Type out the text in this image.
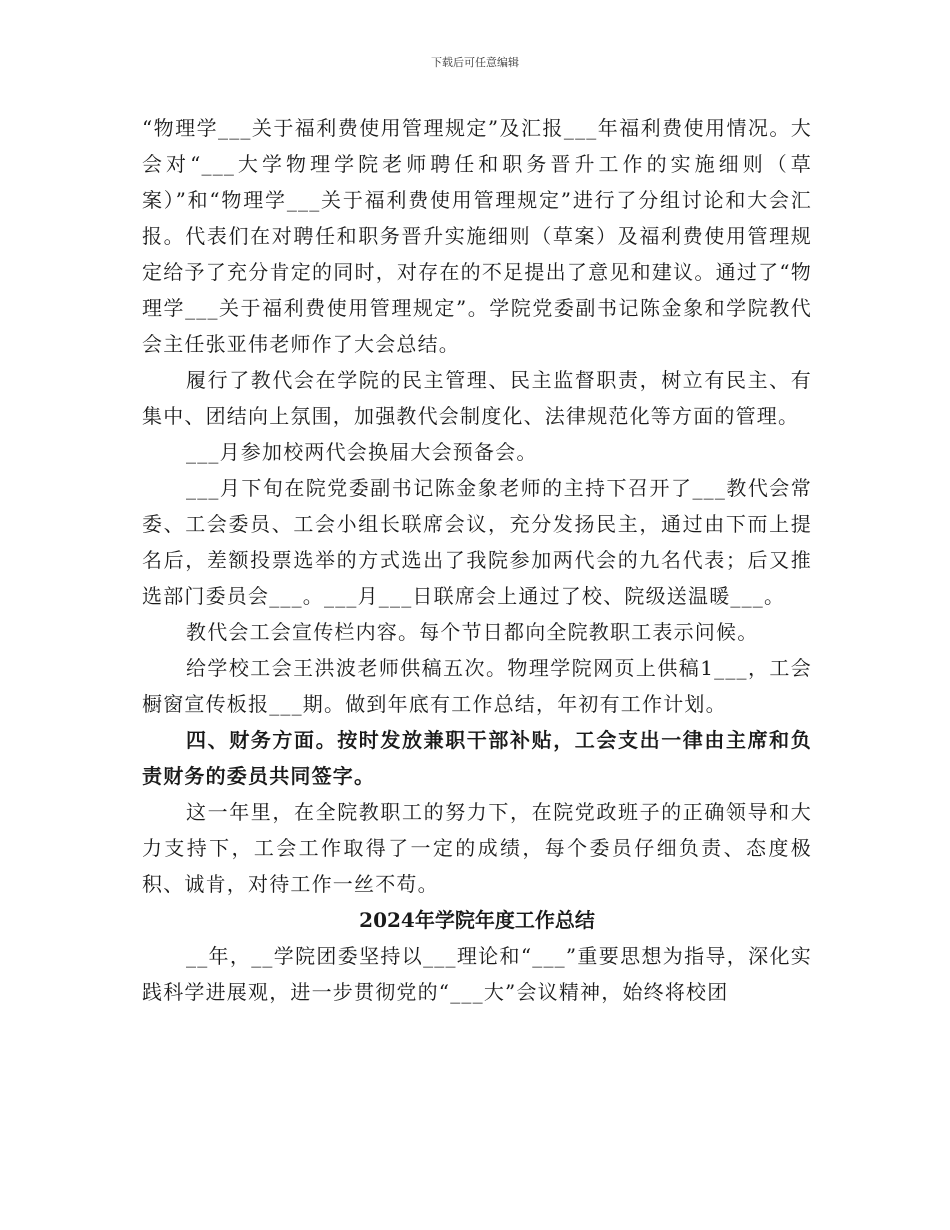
下载后可任意编辑

“物理学___关于福利费使用管理规定”及汇报___年福利费使用情况。大会对“___大学物理学院老师聘任和职务晋升工作的实施细则（草案）”和“物理学___关于福利费使用管理规定”进行了分组讨论和大会汇报。代表们在对聘任和职务晋升实施细则（草案）及福利费使用管理规定给予了充分肯定的同时，对存在的不足提出了意见和建议。通过了“物理学___关于福利费使用管理规定”。学院党委副书记陈金象和学院教代会主任张亚伟老师作了大会总结。

履行了教代会在学院的民主管理、民主监督职责，树立有民主、有集中、团结向上氛围，加强教代会制度化、法律规范化等方面的管理。

___月参加校两代会换届大会预备会。

___月下旬在院党委副书记陈金象老师的主持下召开了___教代会常委、工会委员、工会小组长联席会议，充分发扬民主，通过由下而上提名后，差额投票选举的方式选出了我院参加两代会的九名代表；后又推选部门委员会___。___月___日联席会上通过了校、院级送温暖___。

教代会工会宣传栏内容。每个节日都向全院教职工表示问候。

给学校工会王洪波老师供稿五次。物理学院网页上供稿1___，工会橱窗宣传板报___期。做到年底有工作总结，年初有工作计划。

四、财务方面。按时发放兼职干部补贴，工会支出一律由主席和负责财务的委员共同签字。

这一年里，在全院教职工的努力下，在院党政班子的正确领导和大力支持下，工会工作取得了一定的成绩，每个委员仔细负责、态度极积、诚肯，对待工作一丝不苟。

2024年学院年度工作总结

__年，__学院团委坚持以___理论和“___”重要思想为指导，深化实践科学进展观，进一步贯彻党的“___大”会议精神，始终将校团
